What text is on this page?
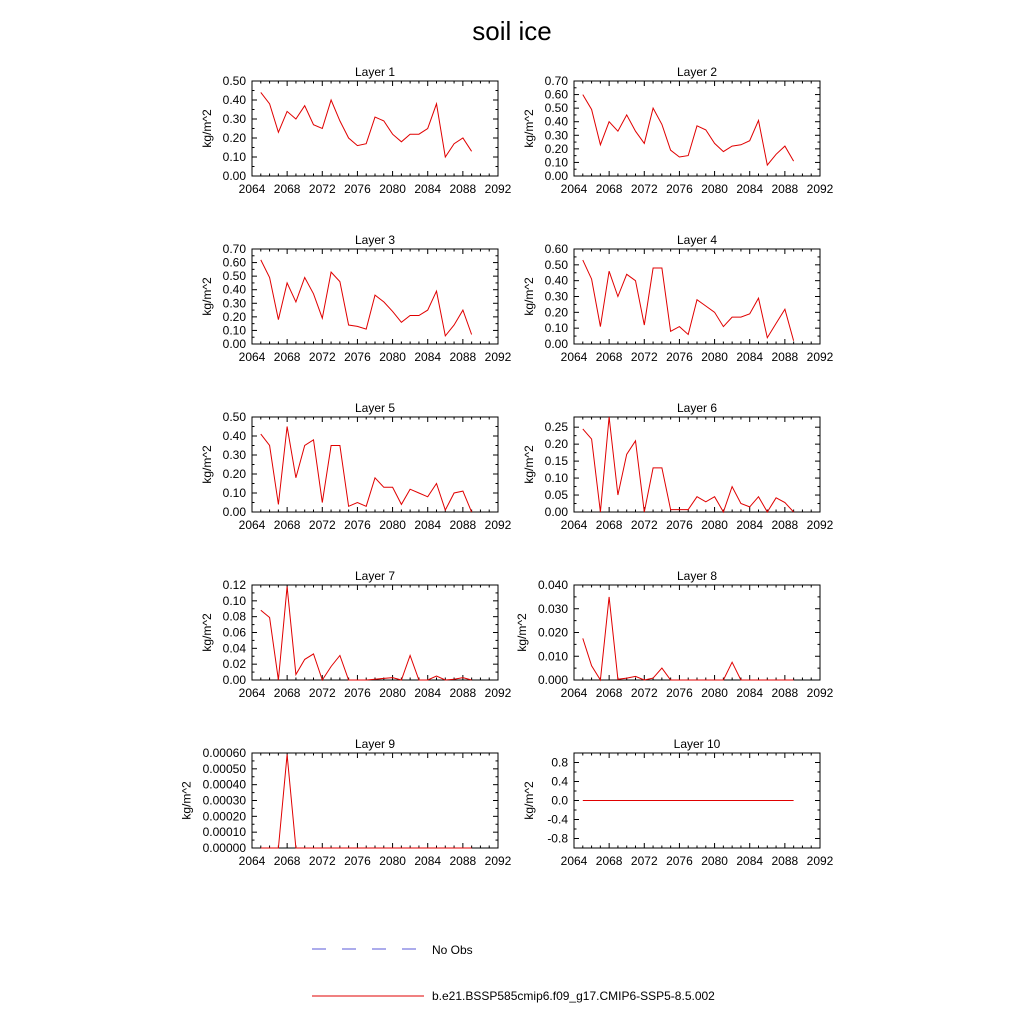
soil ice
Layer 1
2064 2068 2072 2076 2080 2084 2088 2092
0.00
0.10
0.20
0.30
0.40
0.50
kg/m^2
Layer 2
2064 2068 2072 2076 2080 2084 2088 2092
0.00
0.10
0.20
0.30
0.40
0.50
0.60
0.70
kg/m^2
Layer 3
2064 2068 2072 2076 2080 2084 2088 2092
0.00
0.10
0.20
0.30
0.40
0.50
0.60
0.70
kg/m^2
Layer 4
2064 2068 2072 2076 2080 2084 2088 2092
0.00
0.10
0.20
0.30
0.40
0.50
0.60
kg/m^2
Layer 5
2064 2068 2072 2076 2080 2084 2088 2092
0.00
0.10
0.20
0.30
0.40
0.50
kg/m^2
Layer 6
2064 2068 2072 2076 2080 2084 2088 2092
0.00
0.05
0.10
0.15
0.20
0.25
kg/m^2
Layer 7
2064 2068 2072 2076 2080 2084 2088 2092
0.00
0.02
0.04
0.06
0.08
0.10
0.12
kg/m^2
Layer 8
2064 2068 2072 2076 2080 2084 2088 2092
0.000
0.010
0.020
0.030
0.040
kg/m^2
Layer 9
2064 2068 2072 2076 2080 2084 2088 2092
0.00000
0.00010
0.00020
0.00030
0.00040
0.00050
0.00060
kg/m^2
Layer 10
2064 2068 2072 2076 2080 2084 2088 2092
-0.8
-0.4
0.0
0.4
0.8
kg/m^2
No Obs
b.e21.BSSP585cmip6.f09_g17.CMIP6-SSP5-8.5.002
